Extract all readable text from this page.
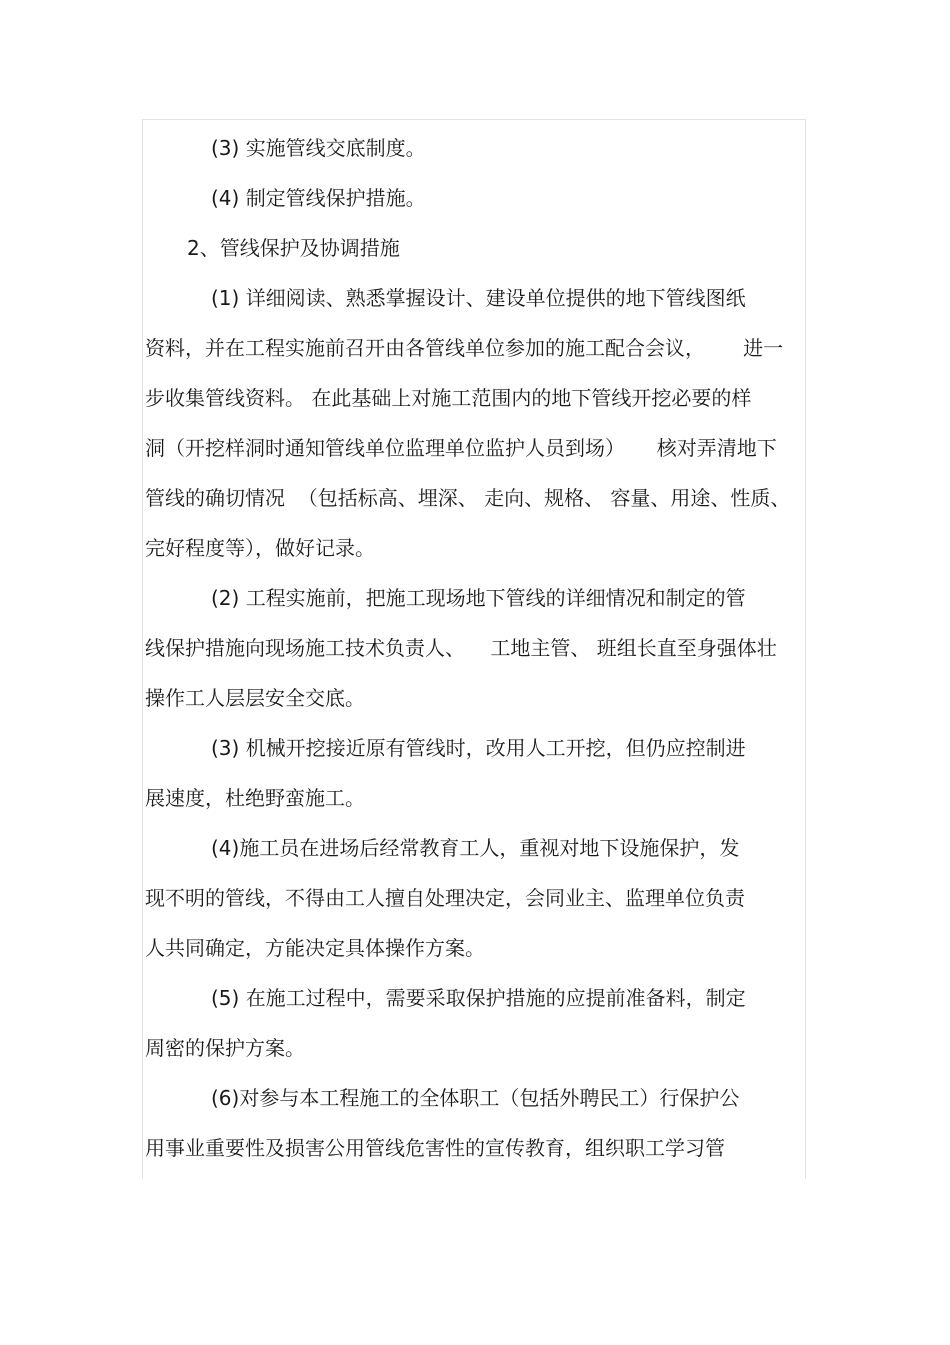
(3) 实施管线交底制度。
(4) 制定管线保护措施。
2、管线保护及协调措施
(1) 详细阅读、熟悉掌握设计、建设单位提供的地下管线图纸
资料，并在工程实施前召开由各管线单位参加的施工配合会议，      进一
步收集管线资料。 在此基础上对施工范围内的地下管线开挖必要的样
洞（开挖样洞时通知管线单位监理单位监护人员到场）     核对弄清地下
管线的确切情况  （包括标高、埋深、 走向、规格、 容量、用途、性质、
完好程度等），做好记录。
(2) 工程实施前，把施工现场地下管线的详细情况和制定的管
线保护措施向现场施工技术负责人、    工地主管、 班组长直至身强体壮
操作工人层层安全交底。
(3) 机械开挖接近原有管线时，改用人工开挖，但仍应控制进
展速度，杜绝野蛮施工。
(4)施工员在进场后经常教育工人，重视对地下设施保护，发
现不明的管线，不得由工人擅自处理决定，会同业主、监理单位负责
人共同确定，方能决定具体操作方案。
(5) 在施工过程中，需要采取保护措施的应提前准备料，制定
周密的保护方案。
(6)对参与本工程施工的全体职工（包括外聘民工）行保护公
用事业重要性及损害公用管线危害性的宣传教育，组织职工学习管
